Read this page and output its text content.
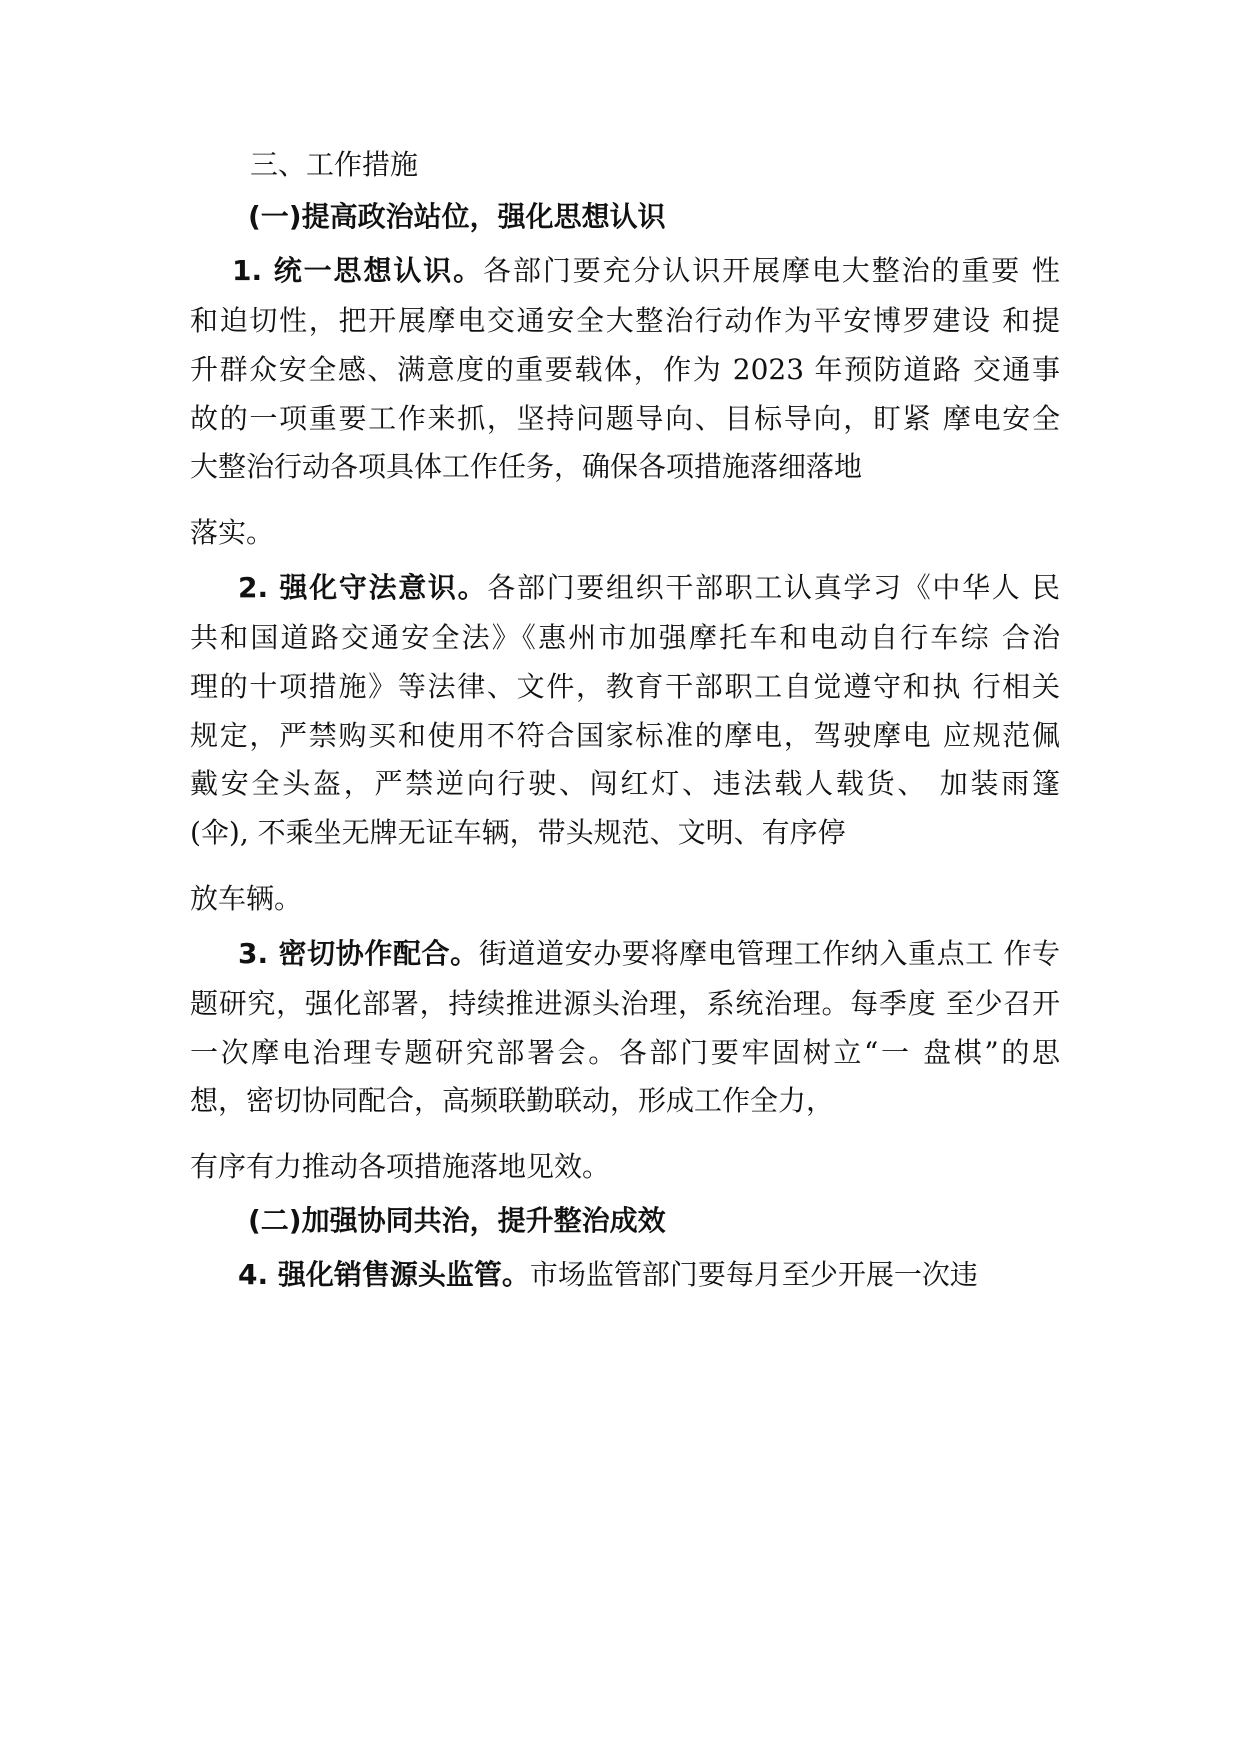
三、工作措施
(一)提高政治站位，强化思想认识
1. 统一思想认识。各部门要充分认识开展摩电大整治的重要 性
和迫切性，把开展摩电交通安全大整治行动作为平安博罗建设 和提
升群众安全感、满意度的重要载体，作为 2023 年预防道路 交通事
故的一项重要工作来抓，坚持问题导向、目标导向，盯紧 摩电安全
大整治行动各项具体工作任务，确保各项措施落细落地
落实。
2. 强化守法意识。各部门要组织干部职工认真学习《中华人 民
共和国道路交通安全法》《惠州市加强摩托车和电动自行车综 合治
理的十项措施》等法律、文件，教育干部职工自觉遵守和执 行相关
规定，严禁购买和使用不符合国家标准的摩电，驾驶摩电 应规范佩
戴安全头盔，严禁逆向行驶、闯红灯、违法载人载货、 加装雨篷
(伞), 不乘坐无牌无证车辆，带头规范、文明、有序停
放车辆。
3. 密切协作配合。街道道安办要将摩电管理工作纳入重点工 作专
题研究，强化部署，持续推进源头治理，系统治理。每季度 至少召开
一次摩电治理专题研究部署会。各部门要牢固树立“一 盘棋”的思
想，密切协同配合，高频联勤联动，形成工作全力，
有序有力推动各项措施落地见效。
(二)加强协同共治，提升整治成效
4. 强化销售源头监管。市场监管部门要每月至少开展一次违
